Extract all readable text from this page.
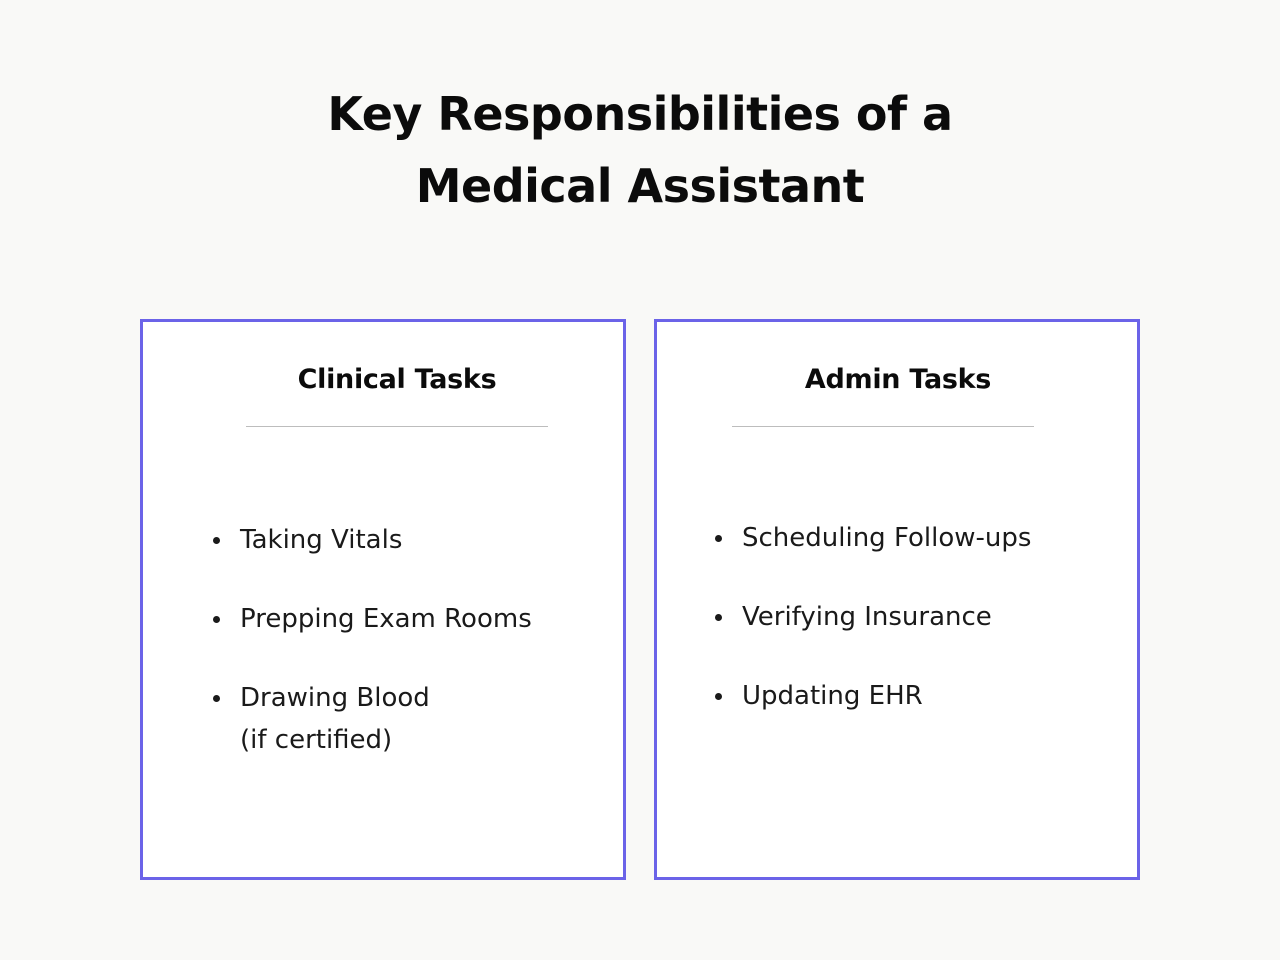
Key Responsibilities of a
Medical Assistant
Clinical Tasks
Taking Vitals
Prepping Exam Rooms
Drawing Blood
(if certified)
Admin Tasks
Scheduling Follow-ups
Verifying Insurance
Updating EHR
